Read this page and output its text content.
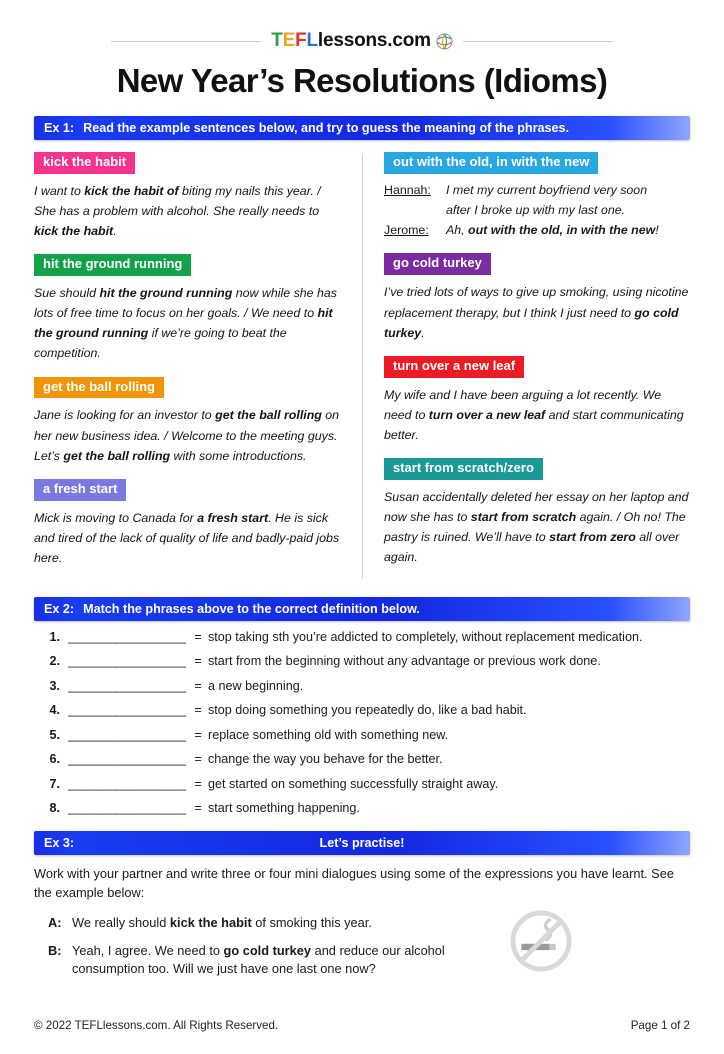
T E F L lessons.com
New Year’s Resolutions (Idioms)
Ex 1: Read the example sentences below, and try to guess the meaning of the phrases.
kick the habit

I want to kick the habit of biting my nails this year. / She has a problem with alcohol. She really needs to kick the habit.

hit the ground running

Sue should hit the ground running now while she has lots of free time to focus on her goals. / We need to hit the ground running if we’re going to beat the competition.

get the ball rolling

Jane is looking for an investor to get the ball rolling on her new business idea. / Welcome to the meeting guys. Let’s get the ball rolling with some introductions.

a fresh start

Mick is moving to Canada for a fresh start. He is sick and tired of the lack of quality of life and badly-paid jobs here.

out with the old, in with the new
Hannah:	I met my current boyfriend very soon
after I broke up with my last one.
Jerome:	Ah, out with the old, in with the new!
go cold turkey

I’ve tried lots of ways to give up smoking, using nicotine replacement therapy, but I think I just need to go cold turkey.

turn over a new leaf

My wife and I have been arguing a lot recently. We need to turn over a new leaf and start communicating better.

start from scratch/zero

Susan accidentally deleted her essay on her laptop and now she has to start from scratch again. / Oh no! The pastry is ruined. We’ll have to start from zero all over again.

Ex 2: Match the phrases above to the correct definition below.
1. ________________ = stop taking sth you’re addicted to completely, without replacement medication.
2. ________________ = start from the beginning without any advantage or previous work done.
3. ________________ = a new beginning.
4. ________________ = stop doing something you repeatedly do, like a bad habit.
5. ________________ = replace something old with something new.
6. ________________ = change the way you behave for the better.
7. ________________ = get started on something successfully straight away.
8. ________________ = start something happening.
Ex 3:	Let’s practise!

Work with your partner and write three or four mini dialogues using some of the expressions you have learnt. See the example below:

A: We really should kick the habit of smoking this year.
B: Yeah, I agree. We need to go cold turkey and reduce our alcohol consumption too. Will we just have one last one now?
© 2022 TEFLlessons.com. All Rights Reserved.	Page 1 of 2
